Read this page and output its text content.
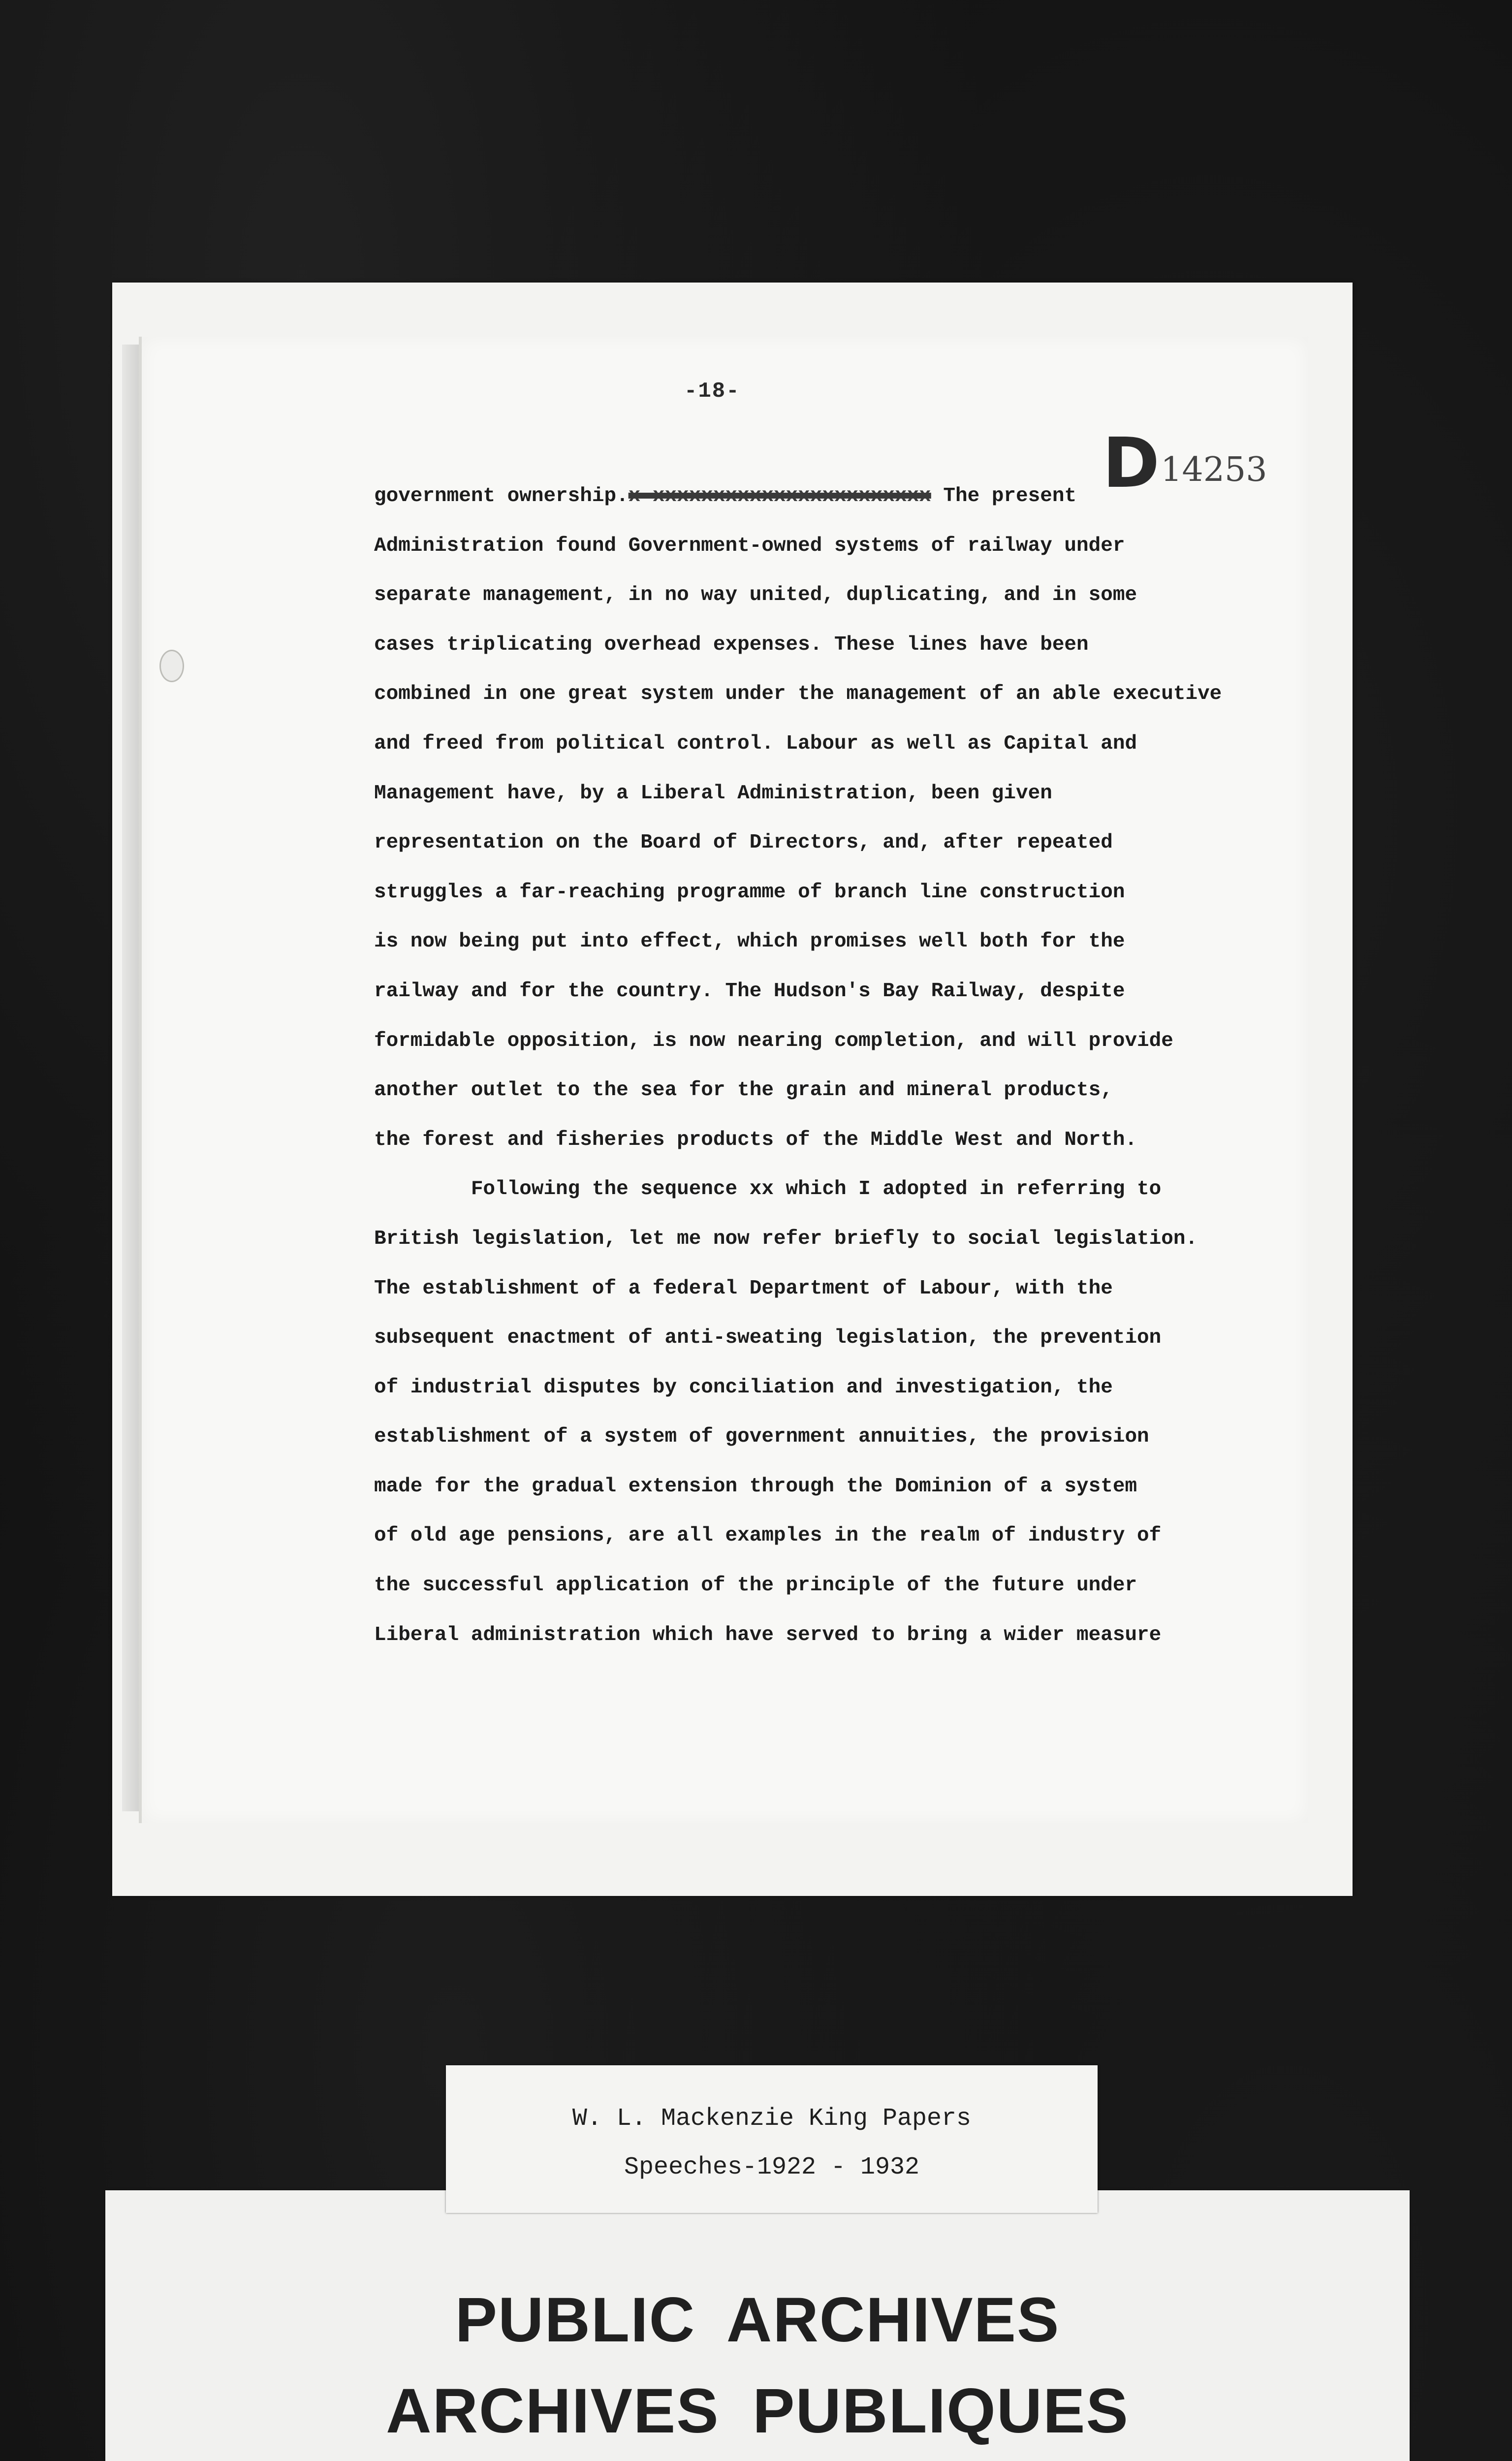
-18-
D14253
government ownership.x xxxxxxxxxxxxxxxxxxxxxxx The present
Administration found Government-owned systems of railway under
separate management, in no way united, duplicating, and in some
cases triplicating overhead expenses. These lines have been
combined in one great system under the management of an able executive
and freed from political control. Labour as well as Capital and
Management have, by a Liberal Administration, been given
representation on the Board of Directors, and, after repeated
struggles a far-reaching programme of branch line construction
is now being put into effect, which promises well both for the
railway and for the country. The Hudson's Bay Railway, despite
formidable opposition, is now nearing completion, and will provide
another outlet to the sea for the grain and mineral products,
the forest and fisheries products of the Middle West and North.
Following the sequence xx which I adopted in referring to
British legislation, let me now refer briefly to social legislation.
The establishment of a federal Department of Labour, with the
subsequent enactment of anti-sweating legislation, the prevention
of industrial disputes by conciliation and investigation, the
establishment of a system of government annuities, the provision
made for the gradual extension through the Dominion of a system
of old age pensions, are all examples in the realm of industry of
the successful application of the principle of the future under
Liberal administration which have served to bring a wider measure
PUBLIC ARCHIVES
ARCHIVES PUBLIQUES
W. L. Mackenzie King Papers
Speeches-1922 - 1932
